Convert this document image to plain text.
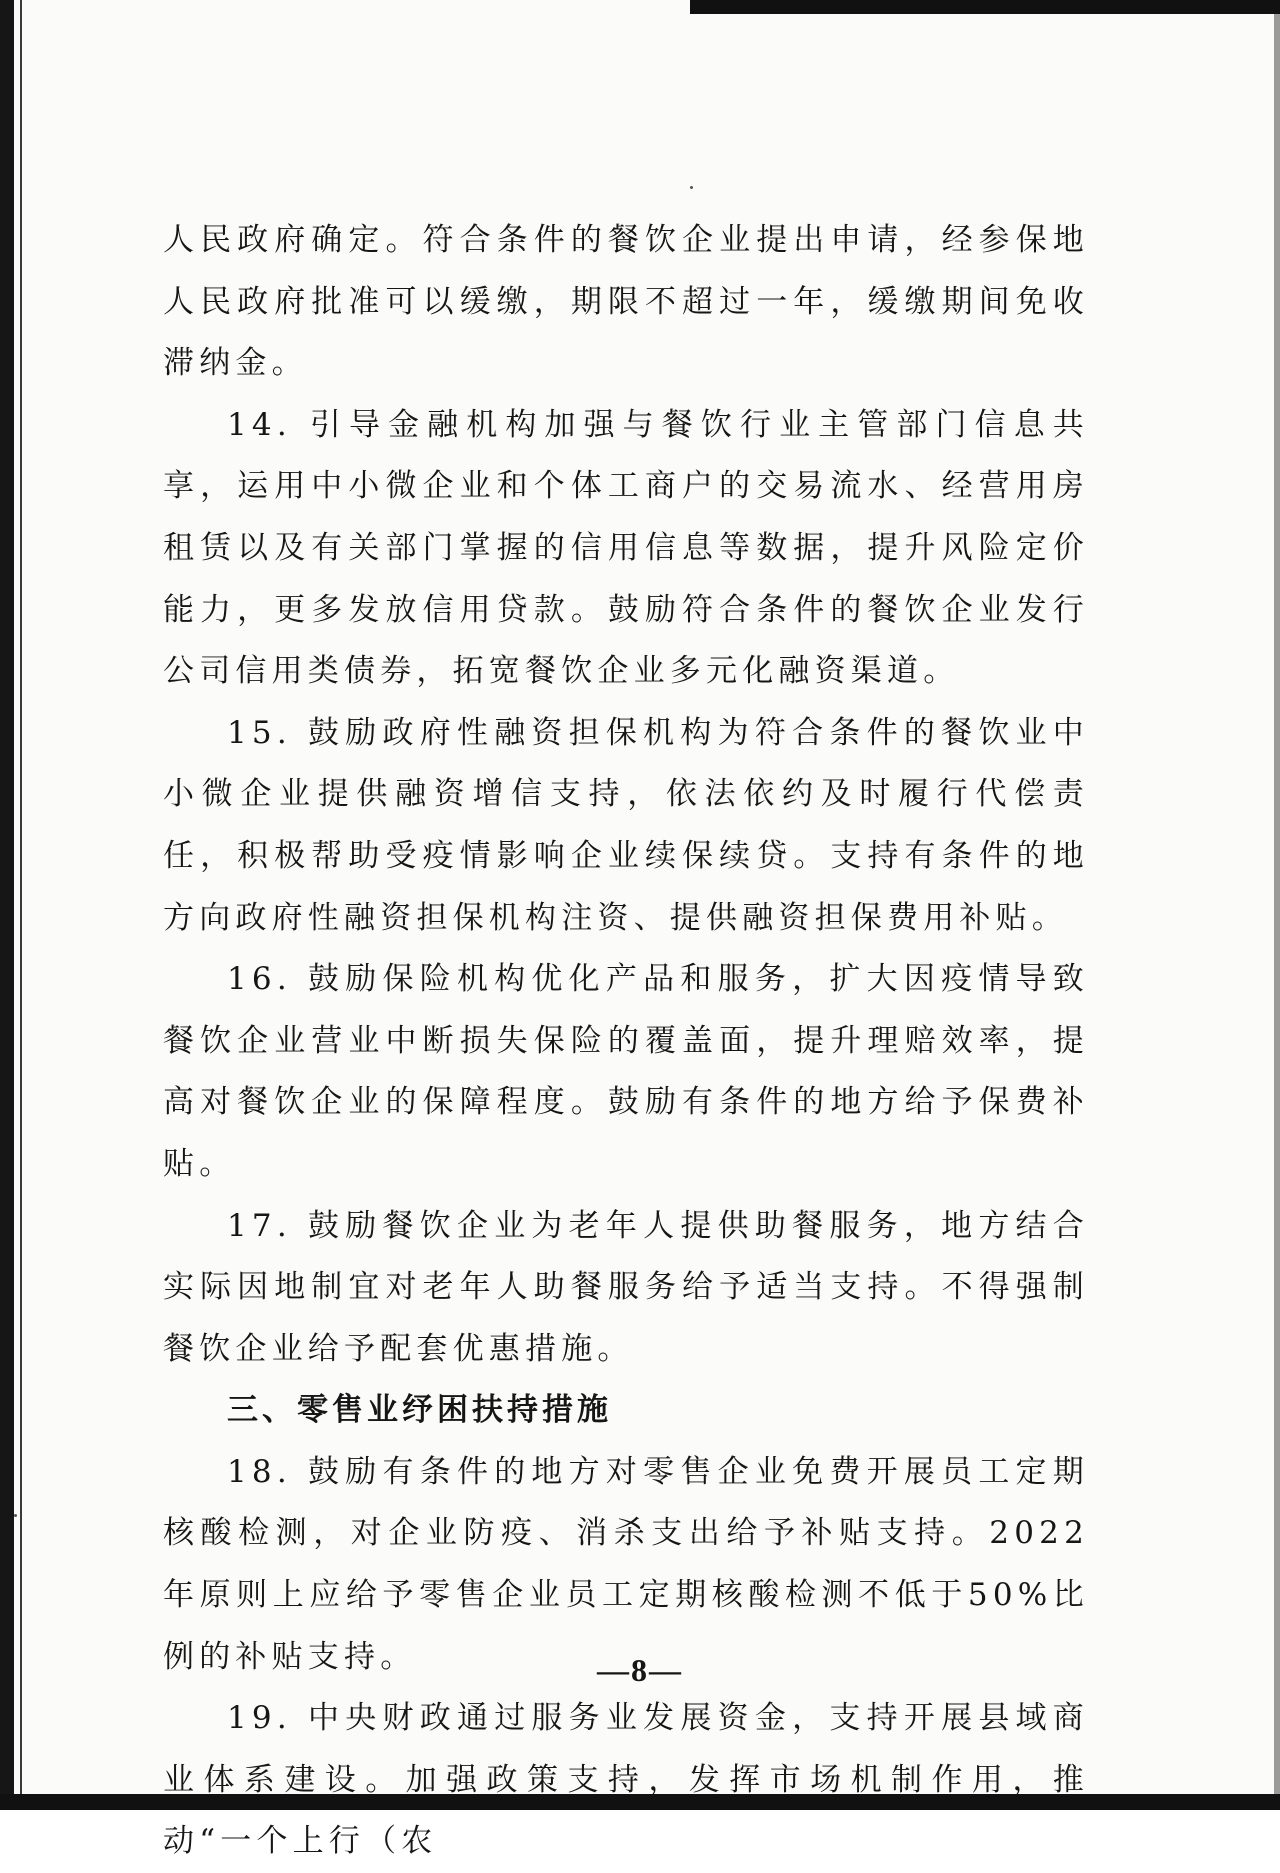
人民政府确定。符合条件的餐饮企业提出申请，经参保地人民政府批准可以缓缴，期限不超过一年，缓缴期间免收滞纳金。

14. 引导金融机构加强与餐饮行业主管部门信息共享，运用中小微企业和个体工商户的交易流水、经营用房租赁以及有关部门掌握的信用信息等数据，提升风险定价能力，更多发放信用贷款。鼓励符合条件的餐饮企业发行公司信用类债券，拓宽餐饮企业多元化融资渠道。

15. 鼓励政府性融资担保机构为符合条件的餐饮业中小微企业提供融资增信支持，依法依约及时履行代偿责任，积极帮助受疫情影响企业续保续贷。支持有条件的地方向政府性融资担保机构注资、提供融资担保费用补贴。

16. 鼓励保险机构优化产品和服务，扩大因疫情导致餐饮企业营业中断损失保险的覆盖面，提升理赔效率，提高对餐饮企业的保障程度。鼓励有条件的地方给予保费补贴。

17. 鼓励餐饮企业为老年人提供助餐服务，地方结合实际因地制宜对老年人助餐服务给予适当支持。不得强制餐饮企业给予配套优惠措施。

三、零售业纾困扶持措施

18. 鼓励有条件的地方对零售企业免费开展员工定期核酸检测，对企业防疫、消杀支出给予补贴支持。2022年原则上应给予零售企业员工定期核酸检测不低于50%比例的补贴支持。

19. 中央财政通过服务业发展资金，支持开展县域商业体系建设。加强政策支持，发挥市场机制作用，推动“一个上行（农

—8—
